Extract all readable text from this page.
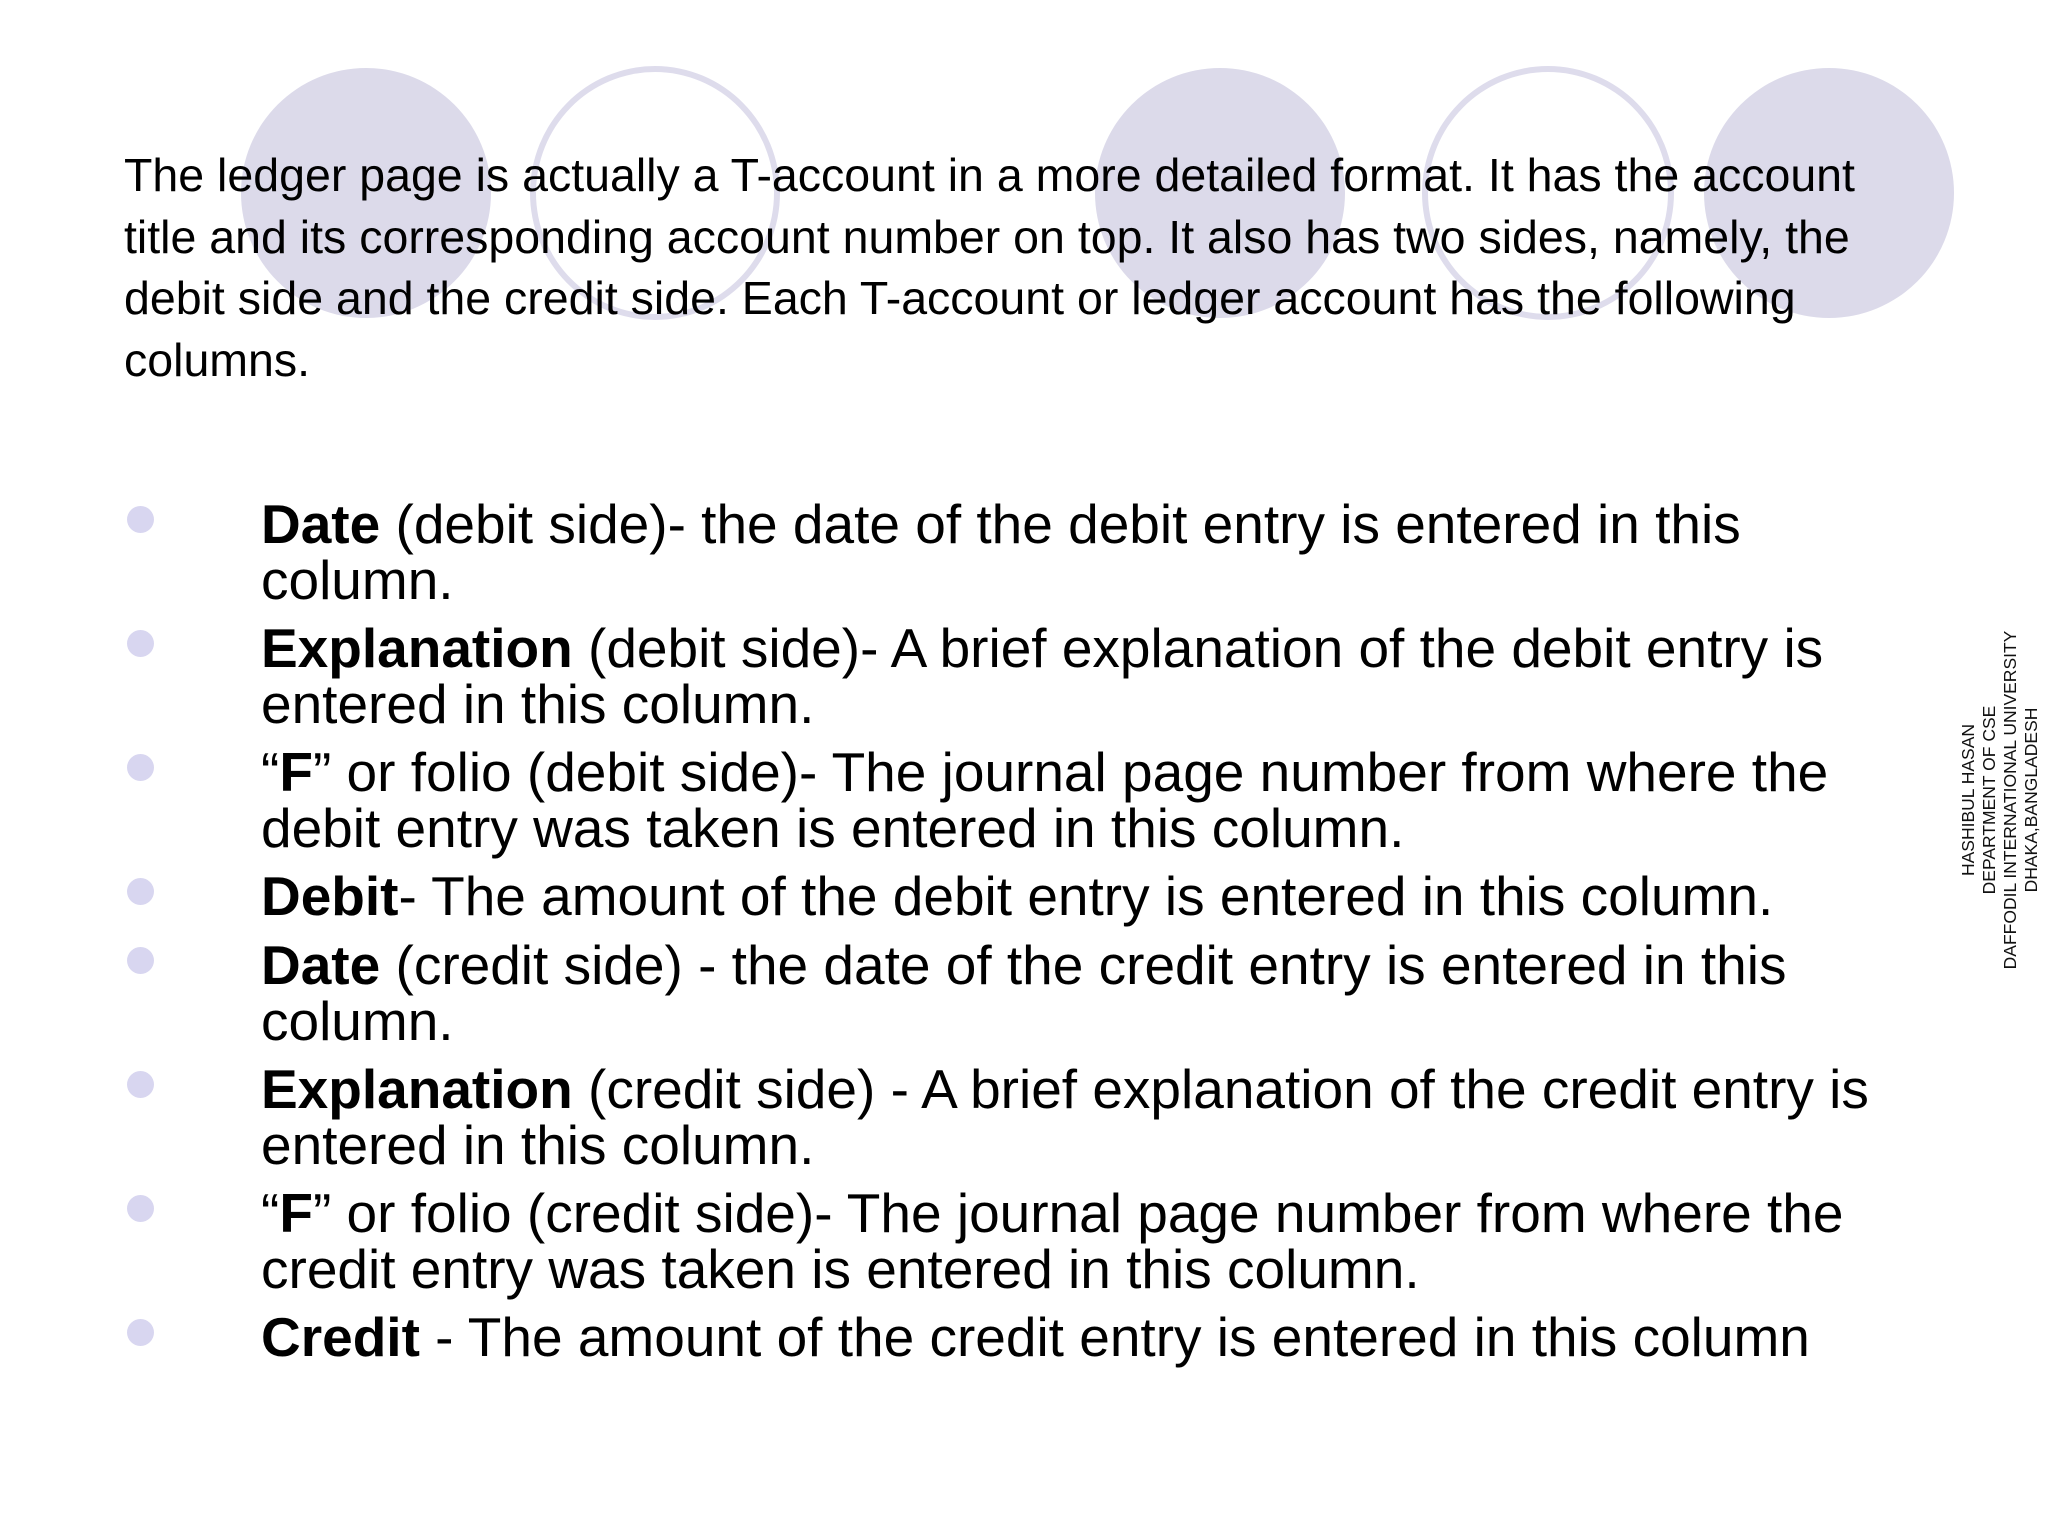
The ledger page is actually a T-account in a more detailed format. It has the account title and its corresponding account number on top. It also has two sides, namely, the debit side and the credit side. Each T-account or ledger account has the following columns.

Date (debit side)- the date of the debit entry is entered in this column.

Explanation (debit side)- A brief explanation of the debit entry is entered in this column.

“F” or folio (debit side)- The journal page number from where the debit entry was taken is entered in this column.

Debit- The amount of the debit entry is entered in this column.

Date (credit side) - the date of the credit entry is entered in this column.

Explanation (credit side) - A brief explanation of the credit entry is entered in this column.

“F” or folio (credit side)- The journal page number from where the credit entry was taken is entered in this column.

Credit - The amount of the credit entry is entered in this column

HASHIBUL HASAN DEPARTMENT OF CSE DAFFODIL INTERNATIONAL UNIVERSITY DHAKA,BANGLADESH
